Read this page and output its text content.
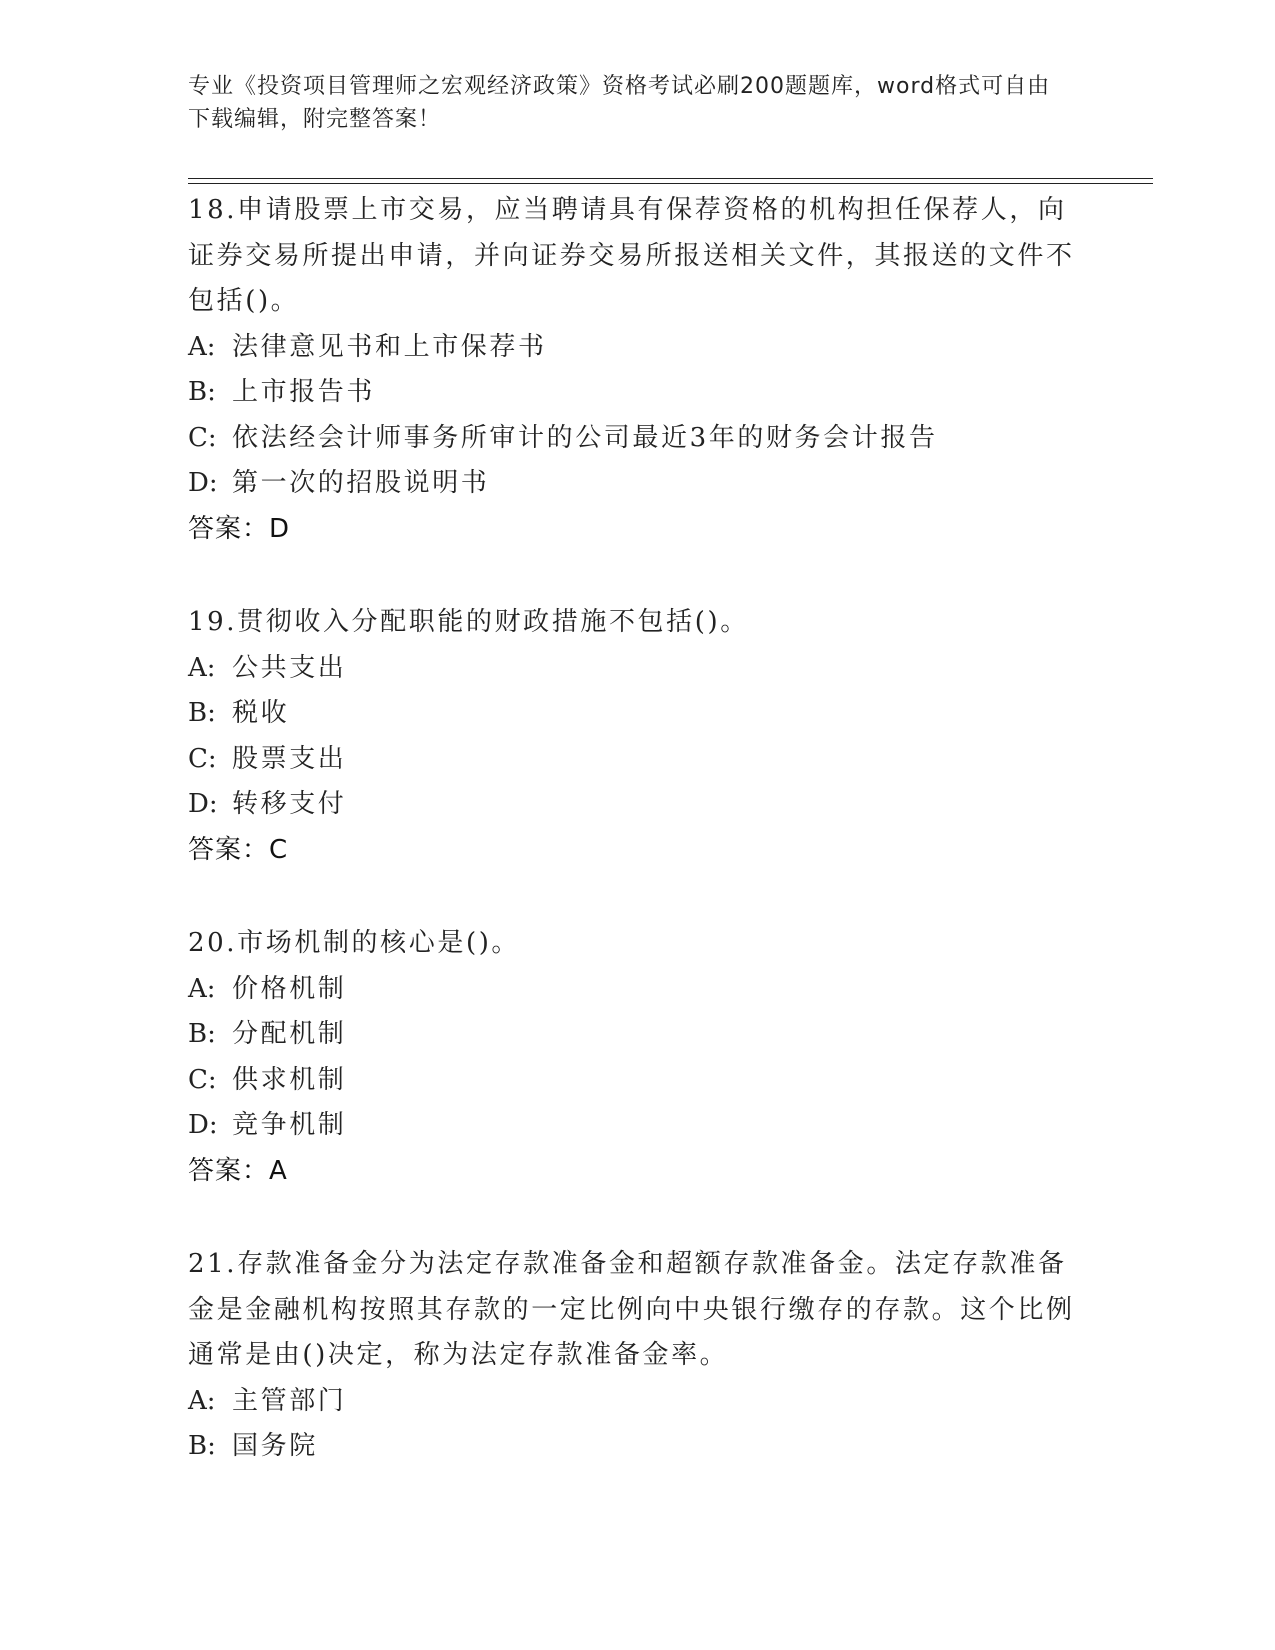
专业《投资项目管理师之宏观经济政策》资格考试必刷200题题库，word格式可自由下载编辑，附完整答案！
18.申请股票上市交易，应当聘请具有保荐资格的机构担任保荐人，向证券交易所提出申请，并向证券交易所报送相关文件，其报送的文件不包括()。
A: 法律意见书和上市保荐书
B: 上市报告书
C: 依法经会计师事务所审计的公司最近3年的财务会计报告
D: 第一次的招股说明书
答案：D
19.贯彻收入分配职能的财政措施不包括()。
A: 公共支出
B: 税收
C: 股票支出
D: 转移支付
答案：C
20.市场机制的核心是()。
A: 价格机制
B: 分配机制
C: 供求机制
D: 竞争机制
答案：A
21.存款准备金分为法定存款准备金和超额存款准备金。法定存款准备金是金融机构按照其存款的一定比例向中央银行缴存的存款。这个比例通常是由()决定，称为法定存款准备金率。
A: 主管部门
B: 国务院
